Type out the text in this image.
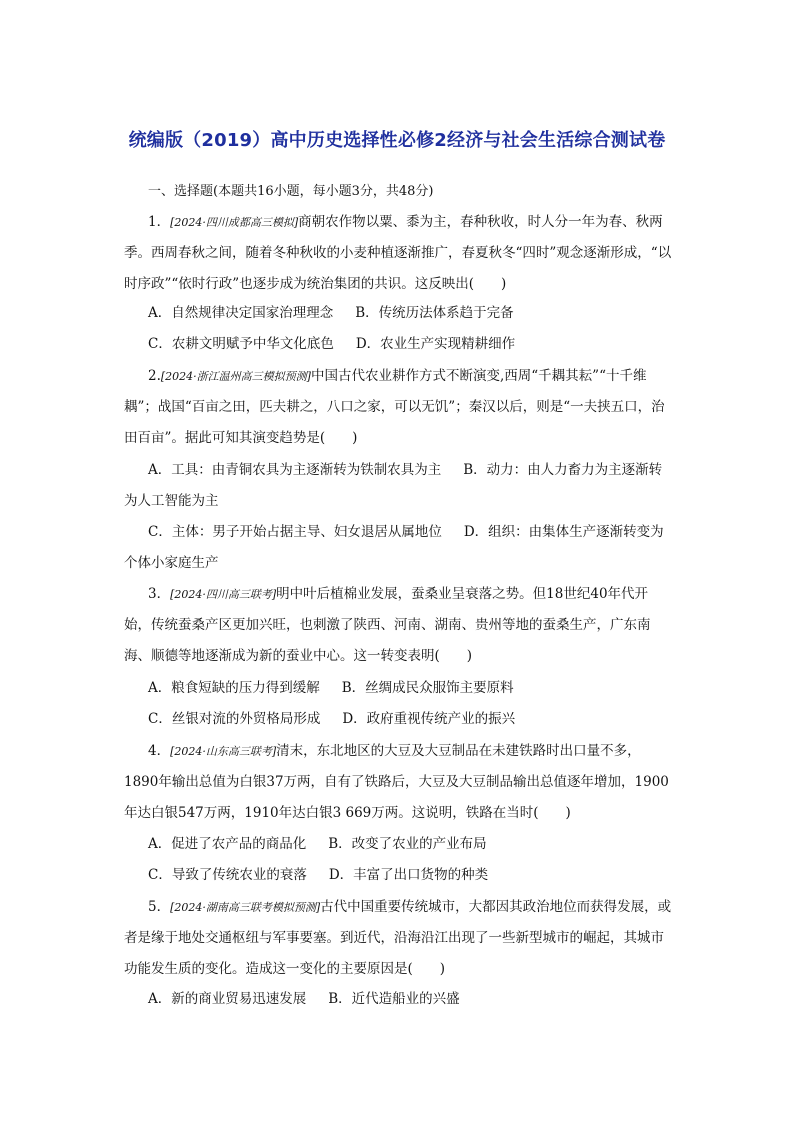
统编版（2019）高中历史选择性必修2经济与社会生活综合测试卷
一、选择题(本题共16小题，每小题3分，共48分)

1．[2024·四川成都高三模拟]商朝农作物以粟、黍为主，春种秋收，时人分一年为春、秋两季。西周春秋之间，随着冬种秋收的小麦种植逐渐推广，春夏秋冬“四时”观念逐渐形成，“以时序政”“依时行政”也逐步成为统治集团的共识。这反映出(　　)

A．自然规律决定国家治理理念 B．传统历法体系趋于完备
C．农耕文明赋予中华文化底色 D．农业生产实现精耕细作

2.[2024·浙江温州高三模拟预测]中国古代农业耕作方式不断演变,西周“千耦其耘”“十千维耦”；战国“百亩之田，匹夫耕之，八口之家，可以无饥”；秦汉以后，则是“一夫挟五口，治田百亩”。据此可知其演变趋势是(　　)

A．工具：由青铜农具为主逐渐转为铁制农具为主 B．动力：由人力畜力为主逐渐转为人工智能为主

C．主体：男子开始占据主导、妇女退居从属地位 D．组织：由集体生产逐渐转变为个体小家庭生产

3．[2024·四川高三联考]明中叶后植棉业发展，蚕桑业呈衰落之势。但18世纪40年代开始，传统蚕桑产区更加兴旺，也刺激了陕西、河南、湖南、贵州等地的蚕桑生产，广东南海、顺德等地逐渐成为新的蚕业中心。这一转变表明(　　)

A．粮食短缺的压力得到缓解 B．丝绸成民众服饰主要原料
C．丝银对流的外贸格局形成 D．政府重视传统产业的振兴

4．[2024·山东高三联考]清末，东北地区的大豆及大豆制品在未建铁路时出口量不多，1890年输出总值为白银37万两，自有了铁路后，大豆及大豆制品输出总值逐年增加，1900年达白银547万两，1910年达白银3 669万两。这说明，铁路在当时(　　)

A．促进了农产品的商品化 B．改变了农业的产业布局
C．导致了传统农业的衰落 D．丰富了出口货物的种类

5．[2024·湖南高三联考模拟预测]古代中国重要传统城市，大都因其政治地位而获得发展，或者是缘于地处交通枢纽与军事要塞。到近代，沿海沿江出现了一些新型城市的崛起，其城市功能发生质的变化。造成这一变化的主要原因是(　　)

A．新的商业贸易迅速发展 B．近代造船业的兴盛
